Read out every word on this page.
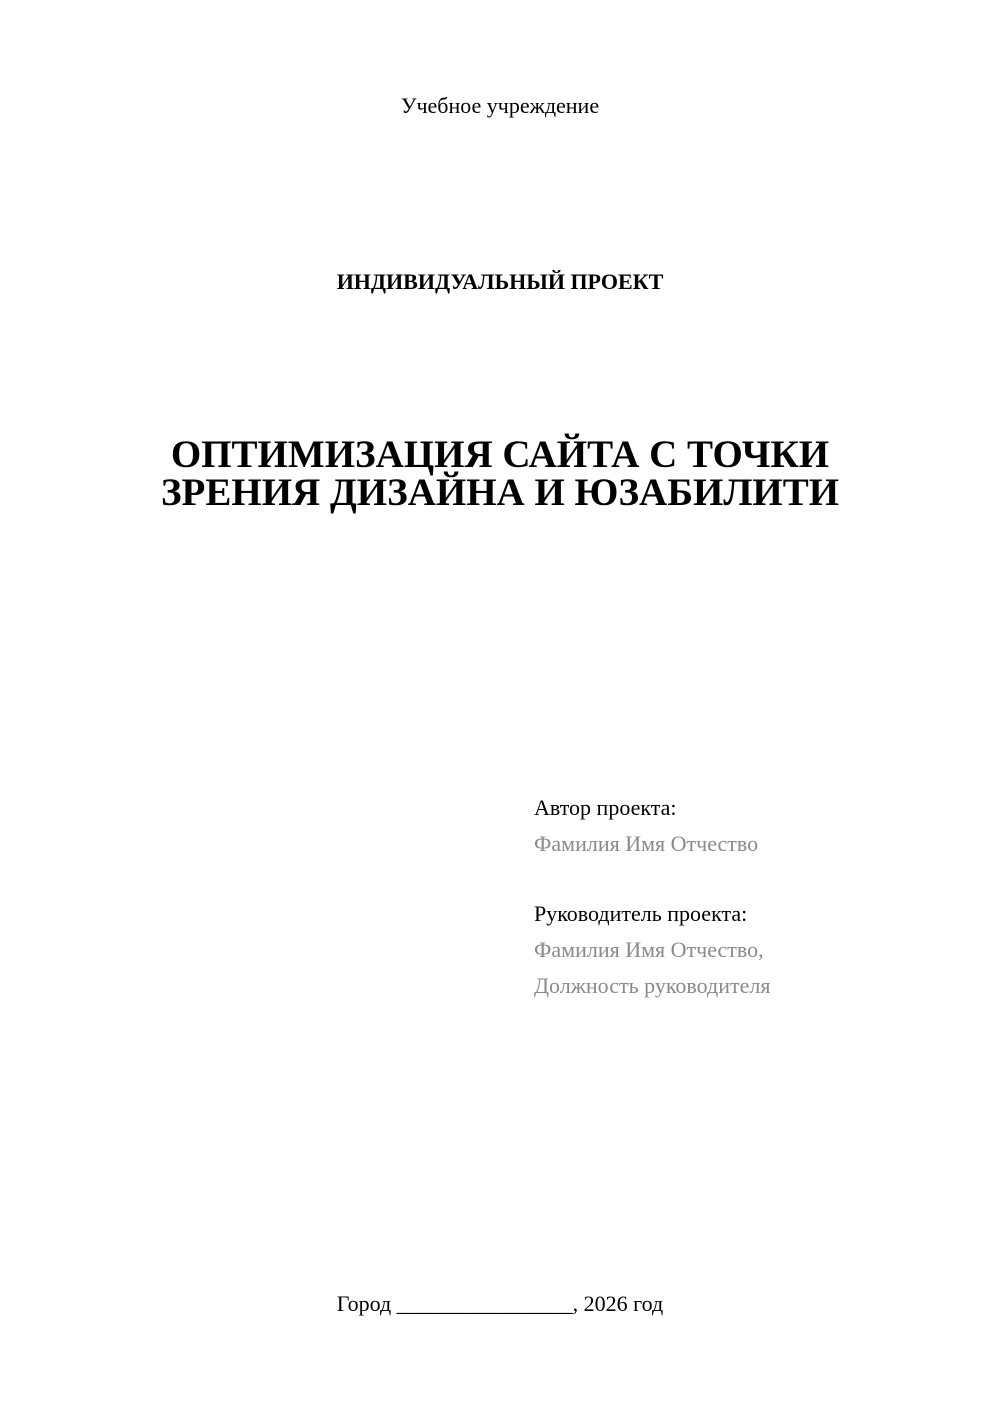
Учебное учреждение

ИНДИВИДУАЛЬНЫЙ ПРОЕКТ

ОПТИМИЗАЦИЯ САЙТА С ТОЧКИ
ЗРЕНИЯ ДИЗАЙНА И ЮЗАБИЛИТИ
Автор проекта:
Фамилия Имя Отчество
Руководитель проекта:
Фамилия Имя Отчество,
Должность руководителя

Город ________________, 2026 год
